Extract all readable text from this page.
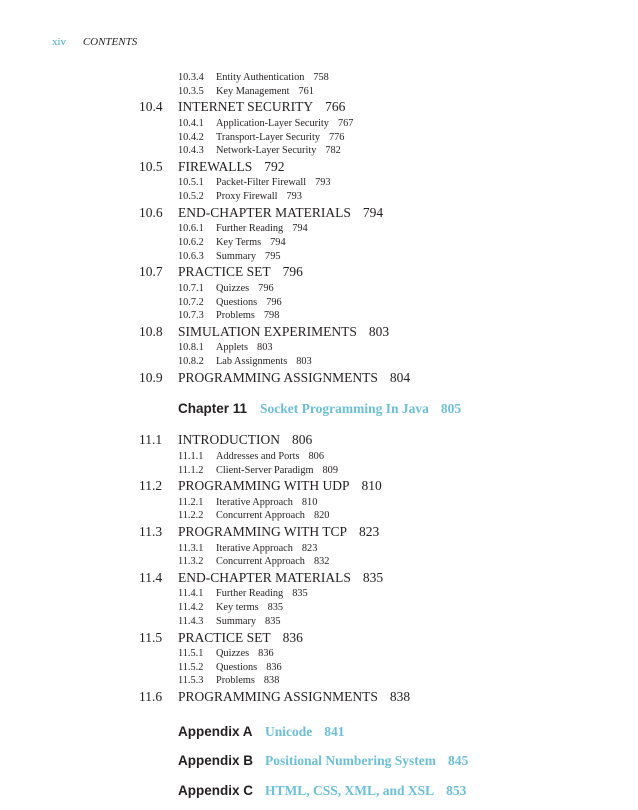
xiv CONTENTS
10.3.4 Entity Authentication 758
10.3.5 Key Management 761
10.4 INTERNET SECURITY 766
10.4.1 Application-Layer Security 767
10.4.2 Transport-Layer Security 776
10.4.3 Network-Layer Security 782
10.5 FIREWALLS 792
10.5.1 Packet-Filter Firewall 793
10.5.2 Proxy Firewall 793
10.6 END-CHAPTER MATERIALS 794
10.6.1 Further Reading 794
10.6.2 Key Terms 794
10.6.3 Summary 795
10.7 PRACTICE SET 796
10.7.1 Quizzes 796
10.7.2 Questions 796
10.7.3 Problems 798
10.8 SIMULATION EXPERIMENTS 803
10.8.1 Applets 803
10.8.2 Lab Assignments 803
10.9 PROGRAMMING ASSIGNMENTS 804
Chapter 11 Socket Programming In Java 805
11.1 INTRODUCTION 806
11.1.1 Addresses and Ports 806
11.1.2 Client-Server Paradigm 809
11.2 PROGRAMMING WITH UDP 810
11.2.1 Iterative Approach 810
11.2.2 Concurrent Approach 820
11.3 PROGRAMMING WITH TCP 823
11.3.1 Iterative Approach 823
11.3.2 Concurrent Approach 832
11.4 END-CHAPTER MATERIALS 835
11.4.1 Further Reading 835
11.4.2 Key terms 835
11.4.3 Summary 835
11.5 PRACTICE SET 836
11.5.1 Quizzes 836
11.5.2 Questions 836
11.5.3 Problems 838
11.6 PROGRAMMING ASSIGNMENTS 838
Appendix A Unicode 841
Appendix B Positional Numbering System 845
Appendix C HTML, CSS, XML, and XSL 853
